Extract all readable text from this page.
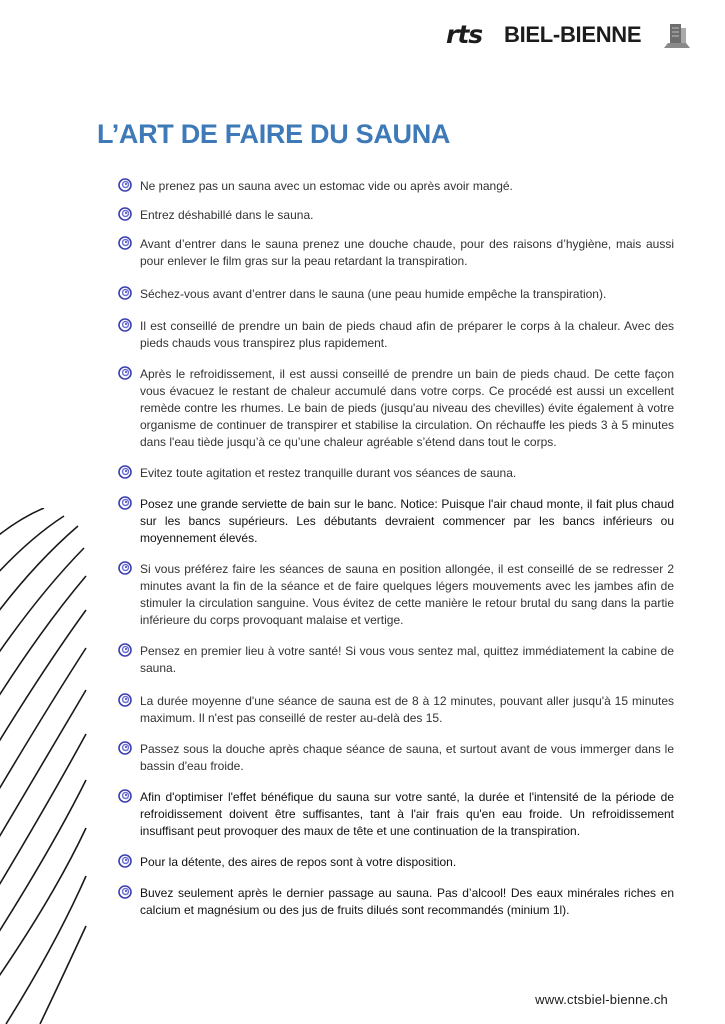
rts BIEL-BIENNE
L’ART DE FAIRE DU SAUNA
Ne prenez pas un sauna avec un estomac vide ou après avoir mangé.
Entrez déshabillé dans le sauna.
Avant d’entrer dans le sauna prenez une douche chaude, pour des raisons d’hygiène, mais aussi pour enlever le film gras sur la peau retardant la transpiration.
Séchez-vous avant d’entrer dans le sauna (une peau humide empêche la transpiration).
Il est conseillé de prendre un bain de pieds chaud afin de préparer le corps à la chaleur. Avec des pieds chauds vous transpirez plus rapidement.
Après le refroidissement, il est aussi conseillé de prendre un bain de pieds chaud. De cette façon vous évacuez le restant de chaleur accumulé dans votre corps. Ce procédé est aussi un excellent remède contre les rhumes. Le bain de pieds (jusqu'au niveau des chevilles) évite également à votre organisme de continuer de transpirer et stabilise la circulation. On réchauffe les pieds 3 à 5 minutes dans l'eau tiède jusqu’à ce qu’une chaleur agréable s’étend dans tout le corps.
Evitez toute agitation et restez tranquille durant vos séances de sauna.
Posez une grande serviette de bain sur le banc. Notice: Puisque l'air chaud monte, il fait plus chaud sur les bancs supérieurs. Les débutants devraient commencer par les bancs inférieurs ou moyennement élevés.
Si vous préférez faire les séances de sauna en position allongée, il est conseillé de se redresser 2 minutes avant la fin de la séance et de faire quelques légers mouvements avec les jambes afin de stimuler la circulation sanguine. Vous évitez de cette manière le retour brutal du sang dans la partie inférieure du corps provoquant malaise et vertige.
Pensez en premier lieu à votre santé! Si vous vous sentez mal, quittez immédiatement la cabine de sauna.
La durée moyenne d'une séance de sauna est de 8 à 12 minutes, pouvant aller jusqu'à 15 minutes maximum. Il n'est pas conseillé de rester au-delà des 15.
Passez sous la douche après chaque séance de sauna, et surtout avant de vous immerger dans le bassin d'eau froide.
Afin d'optimiser l'effet bénéfique du sauna sur votre santé, la durée et l'intensité de la période de refroidissement doivent être suffisantes, tant à l'air frais qu'en eau froide. Un refroidissement insuffisant peut provoquer des maux de tête et une continuation de la transpiration.
Pour la détente, des aires de repos sont à votre disposition.
Buvez seulement après le dernier passage au sauna. Pas d’alcool! Des eaux minérales riches en calcium et magnésium ou des jus de fruits dilués sont recommandés (minium 1l).
www.ctsbiel-bienne.ch
